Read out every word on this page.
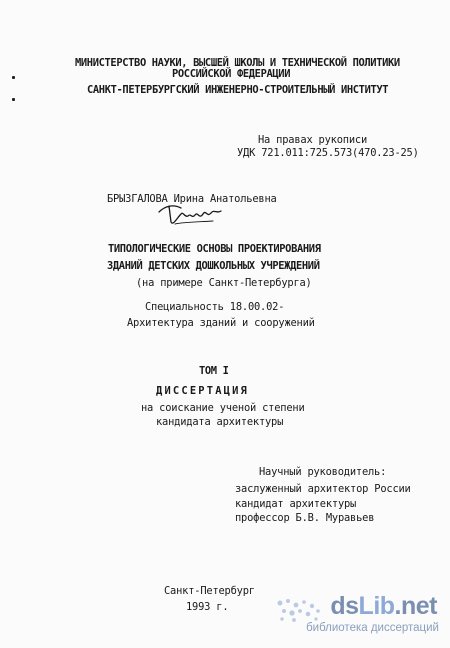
МИНИСТЕРСТВО НАУКИ, ВЫСШЕЙ ШКОЛЫ И ТЕХНИЧЕСКОЙ ПОЛИТИКИ
РОССИЙСКОЙ ФЕДЕРАЦИИ
САНКТ-ПЕТЕРБУРГСКИЙ ИНЖЕНЕРНО-СТРОИТЕЛЬНЫЙ ИНСТИТУТ
На правах рукописи
УДК 721.011:725.573(470.23-25)
БРЫЗГАЛОВА Ирина Анатольевна
ТИПОЛОГИЧЕСКИЕ ОСНОВЫ ПРОЕКТИРОВАНИЯ
ЗДАНИЙ ДЕТСКИХ ДОШКОЛЬНЫХ УЧРЕЖДЕНИЙ
(на примере Санкт-Петербурга)
Специальность 18.00.02-
Архитектура зданий и сооружений
ТОМ I
ДИССЕРТАЦИЯ
на соискание ученой степени
кандидата архитектуры
Научный руководитель:
заслуженный архитектор России
кандидат архитектуры
профессор Б.В. Муравьев
Санкт-Петербург
1993 г.	dsLib.net
библиотека диссертаций
